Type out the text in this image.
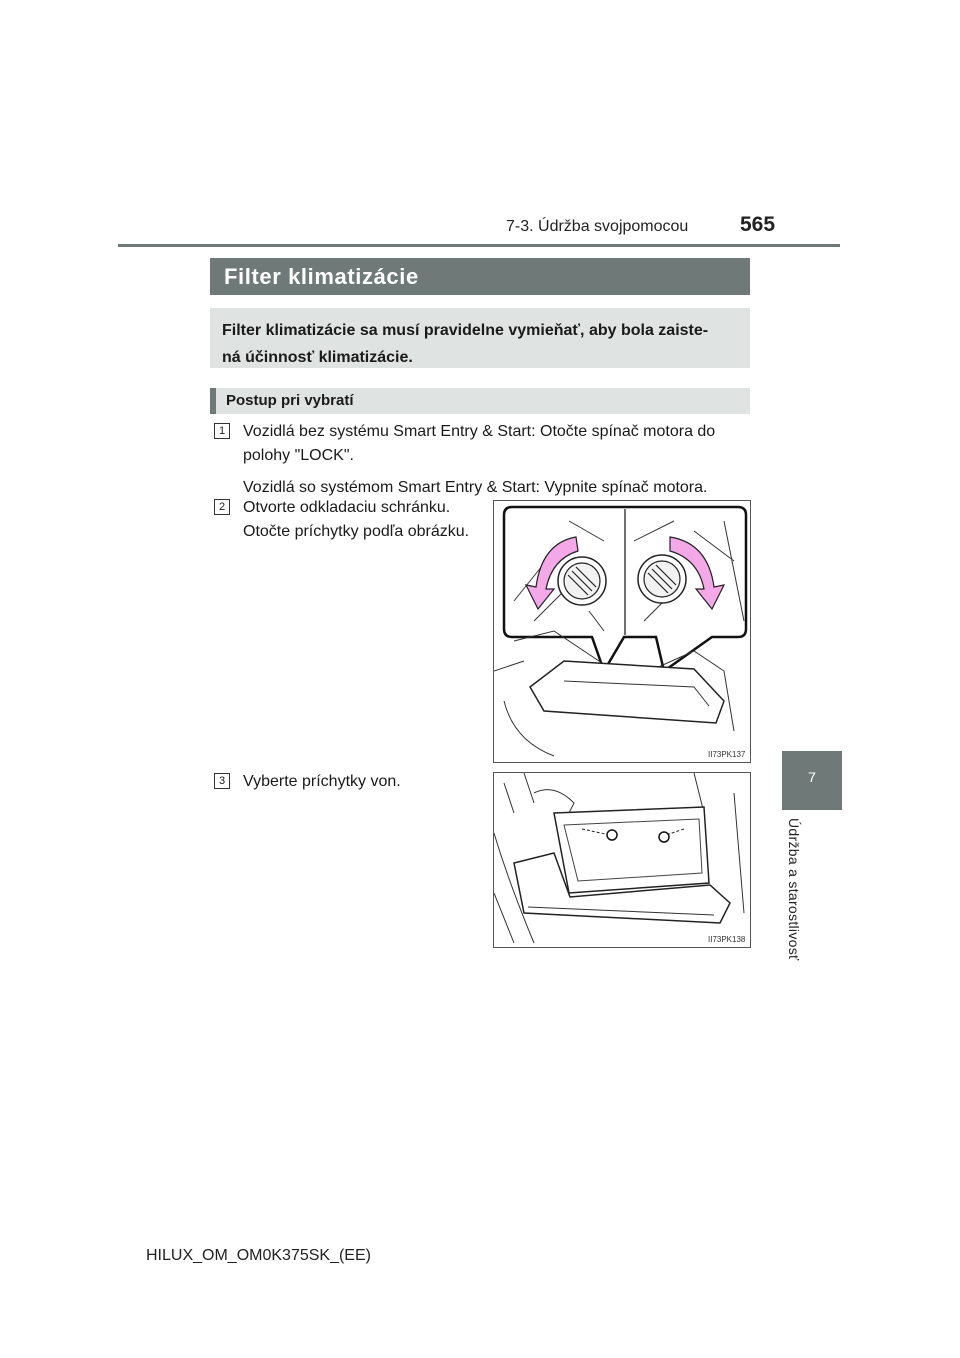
7-3. Údržba svojpomocou 565
7
Údržba a starostlivosť
Filter klimatizácie
Filter klimatizácie sa musí pravidelne vymieňať, aby bola zaiste-
ná účinnosť klimatizácie.
Postup pri vybratí
1	Vozidlá bez systému Smart Entry & Start: Otočte spínač motora do
polohy "LOCK".
Vozidlá so systémom Smart Entry & Start: Vypnite spínač motora.
2	Otvorte odkladaciu schránku.
Otočte príchytky podľa obrázku.
II73PK137
3	Vyberte príchytky von.
II73PK138
HILUX_OM_OM0K375SK_(EE)
